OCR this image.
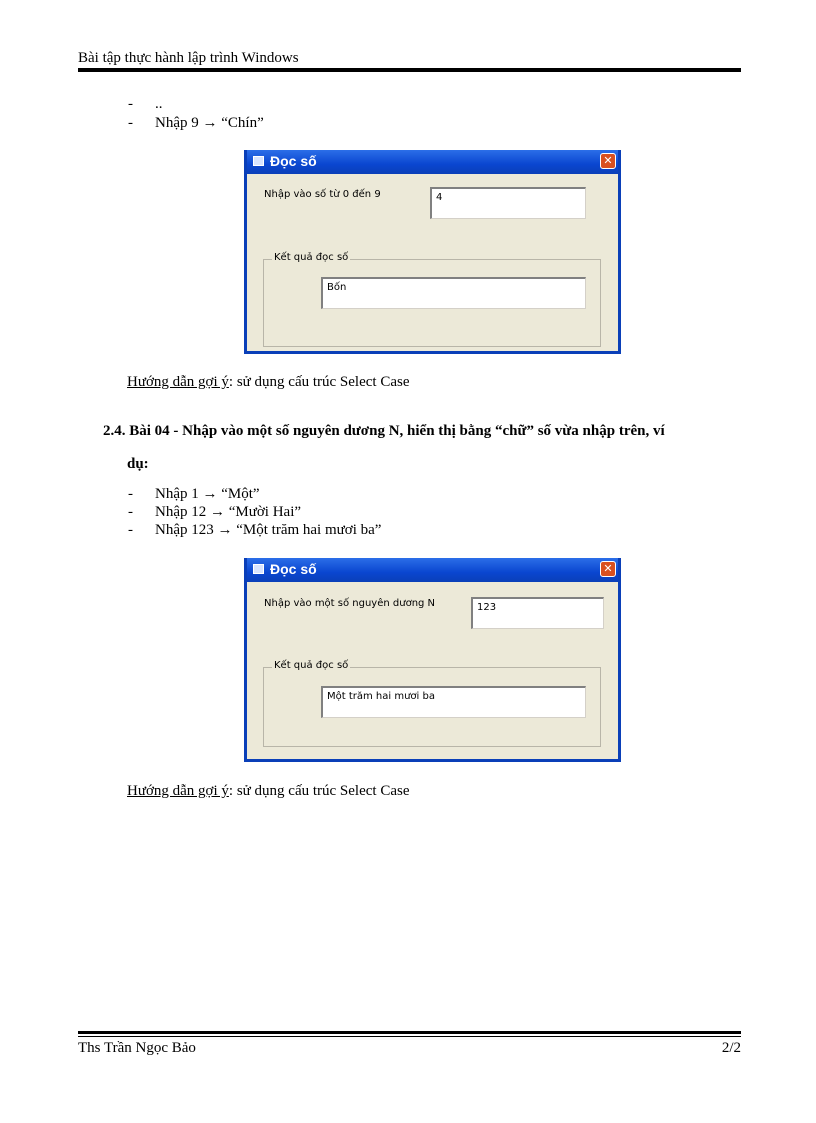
Bài tập thực hành lập trình Windows
- ..
- Nhập 9 → “Chín”
Đọc số	✕
Nhập vào số từ 0 đến 9	4
Kết quả đọc số
Bốn
Hướng dẫn gợi ý: sử dụng cấu trúc Select Case
2.4. Bài 04 - Nhập vào một số nguyên dương N, hiển thị bằng “chữ” số vừa nhập trên, ví
dụ:
- Nhập 1 → “Một”
- Nhập 12 → “Mười Hai”
- Nhập 123 → “Một trăm hai mươi ba”
Đọc số	✕
Nhập vào một số nguyên dương N	123
Kết quả đọc số
Một trăm hai mươi ba
Hướng dẫn gợi ý: sử dụng cấu trúc Select Case
Ths Trần Ngọc Bảo	2/2
